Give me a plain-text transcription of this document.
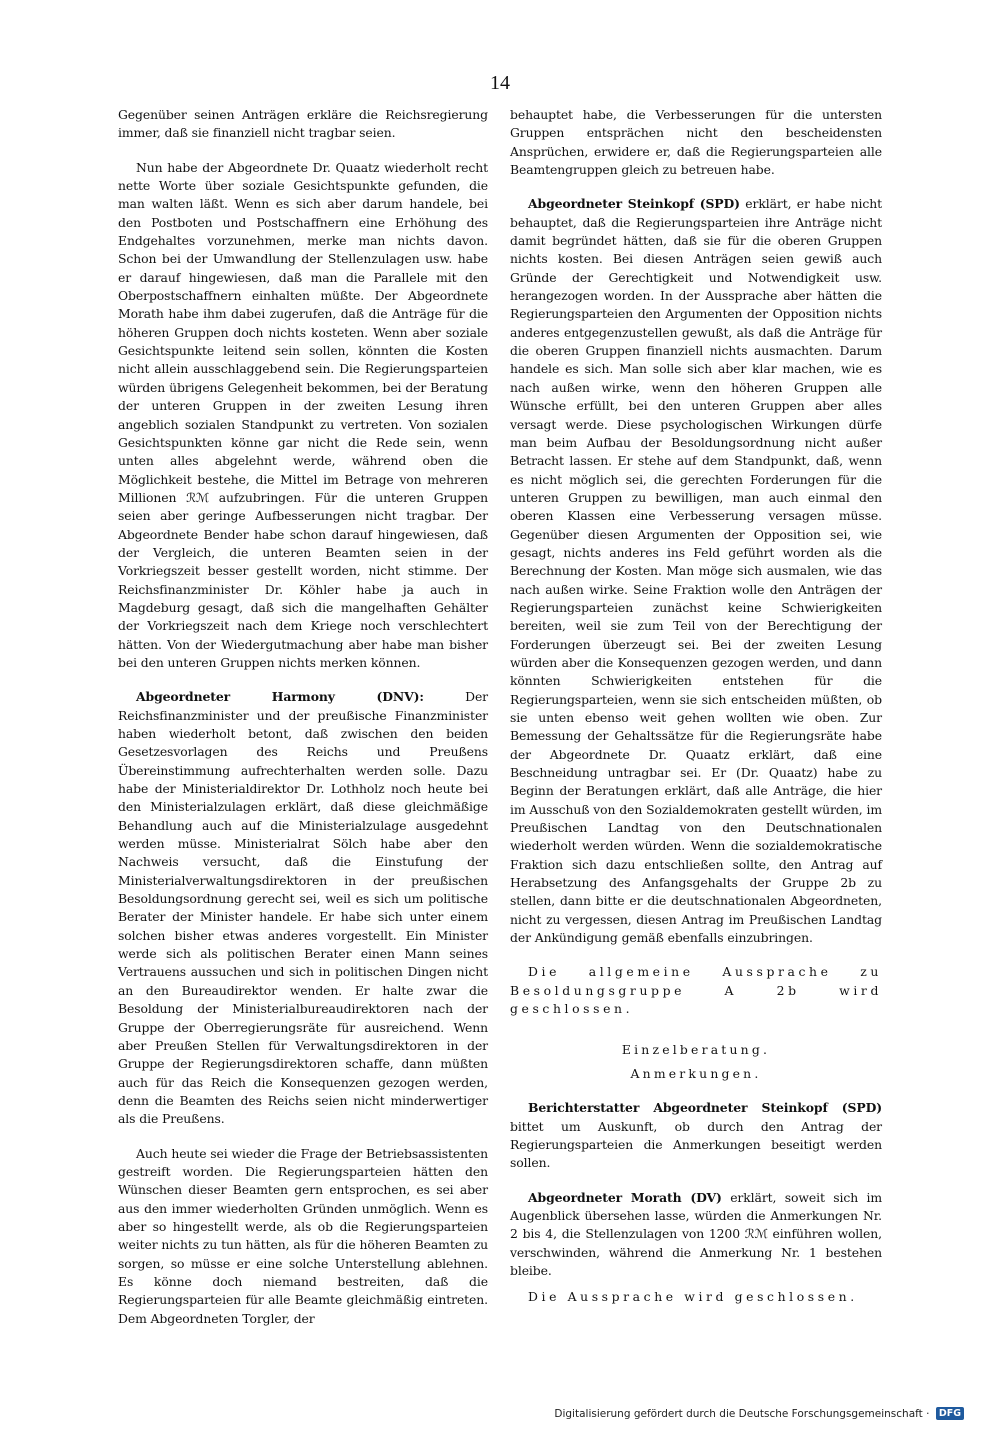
14

Gegenüber seinen Anträgen erkläre die Reichsregierung immer, daß sie finanziell nicht tragbar seien.

Nun habe der Abgeordnete Dr. Quaatz wiederholt recht nette Worte über soziale Gesichtspunkte gefunden, die man walten läßt. Wenn es sich aber darum handele, bei den Postboten und Postschaffnern eine Erhöhung des Endgehaltes vorzunehmen, merke man nichts davon. Schon bei der Umwandlung der Stellenzulagen usw. habe er darauf hingewiesen, daß man die Parallele mit den Oberpostschaffnern einhalten müßte. Der Abgeordnete Morath habe ihm dabei zugerufen, daß die Anträge für die höheren Gruppen doch nichts kosteten. Wenn aber soziale Gesichtspunkte leitend sein sollen, könnten die Kosten nicht allein ausschlaggebend sein. Die Regierungsparteien würden übrigens Gelegenheit bekommen, bei der Beratung der unteren Gruppen in der zweiten Lesung ihren angeblich sozialen Standpunkt zu vertreten. Von sozialen Gesichtspunkten könne gar nicht die Rede sein, wenn unten alles abgelehnt werde, während oben die Möglichkeit bestehe, die Mittel im Betrage von mehreren Millionen ℛℳ aufzubringen. Für die unteren Gruppen seien aber geringe Aufbesserungen nicht tragbar. Der Abgeordnete Bender habe schon darauf hingewiesen, daß der Vergleich, die unteren Beamten seien in der Vorkriegszeit besser gestellt worden, nicht stimme. Der Reichsfinanzminister Dr. Köhler habe ja auch in Magdeburg gesagt, daß sich die mangelhaften Gehälter der Vorkriegszeit nach dem Kriege noch verschlechtert hätten. Von der Wiedergutmachung aber habe man bisher bei den unteren Gruppen nichts merken können.

Abgeordneter Harmony (DNV):	Der Reichsfinanzminister und der preußische Finanzminister haben wiederholt betont, daß zwischen den beiden Gesetzesvorlagen des Reichs und Preußens Übereinstimmung aufrechterhalten werden solle. Dazu habe der Ministerialdirektor Dr. Lothholz noch heute bei den Ministerialzulagen erklärt, daß diese gleichmäßige Behandlung auch auf die Ministerialzulage ausgedehnt werden müsse. Ministerialrat Sölch habe aber den Nachweis versucht, daß die Einstufung der Ministerialverwaltungsdirektoren in der preußischen Besoldungsordnung gerecht sei, weil es sich um politische Berater der Minister handele. Er habe sich unter einem solchen bisher etwas anderes vorgestellt. Ein Minister werde sich als politischen Berater einen Mann seines Vertrauens aussuchen und sich in politischen Dingen nicht an den Bureaudirektor wenden. Er halte zwar die Besoldung der Ministerialbureaudirektoren nach der Gruppe der Oberregierungsräte für ausreichend. Wenn aber Preußen Stellen für Verwaltungsdirektoren in der Gruppe der Regierungsdirektoren schaffe, dann müßten auch für das Reich die Konsequenzen gezogen werden, denn die Beamten des Reichs seien nicht minderwertiger als die Preußens.

Auch heute sei wieder die Frage der Betriebsassistenten gestreift worden. Die Regierungsparteien hätten den Wünschen dieser Beamten gern entsprochen, es sei aber aus den immer wiederholten Gründen unmöglich. Wenn es aber so hingestellt werde, als ob die Regierungsparteien weiter nichts zu tun hätten, als für die höheren Beamten zu sorgen, so müsse er eine solche Unterstellung ablehnen. Es könne doch niemand bestreiten, daß die Regierungsparteien für alle Beamte gleichmäßig eintreten. Dem Abgeordneten Torgler, der

behauptet habe, die Verbesserungen für die untersten Gruppen entsprächen nicht den bescheidensten Ansprüchen, erwidere er, daß die Regierungsparteien alle Beamtengruppen gleich zu betreuen habe.

Abgeordneter Steinkopf (SPD) erklärt, er habe nicht behauptet, daß die Regierungsparteien ihre Anträge nicht damit begründet hätten, daß sie für die oberen Gruppen nichts kosten. Bei diesen Anträgen seien gewiß auch Gründe der Gerechtigkeit und Notwendigkeit usw. herangezogen worden. In der Aussprache aber hätten die Regierungsparteien den Argumenten der Opposition nichts anderes entgegenzustellen gewußt, als daß die Anträge für die oberen Gruppen finanziell nichts ausmachten. Darum handele es sich. Man solle sich aber klar machen, wie es nach außen wirke, wenn den höheren Gruppen alle Wünsche erfüllt, bei den unteren Gruppen aber alles versagt werde. Diese psychologischen Wirkungen dürfe man beim Aufbau der Besoldungsordnung nicht außer Betracht lassen. Er stehe auf dem Standpunkt, daß, wenn es nicht möglich sei, die gerechten Forderungen für die unteren Gruppen zu bewilligen, man auch einmal den oberen Klassen eine Verbesserung versagen müsse. Gegenüber diesen Argumenten der Opposition sei, wie gesagt, nichts anderes ins Feld geführt worden als die Berechnung der Kosten. Man möge sich ausmalen, wie das nach außen wirke. Seine Fraktion wolle den Anträgen der Regierungsparteien zunächst keine Schwierigkeiten bereiten, weil sie zum Teil von der Berechtigung der Forderungen überzeugt sei. Bei der zweiten Lesung würden aber die Konsequenzen gezogen werden, und dann könnten Schwierigkeiten entstehen für die Regierungsparteien, wenn sie sich entscheiden müßten, ob sie unten ebenso weit gehen wollten wie oben. Zur Bemessung der Gehaltssätze für die Regierungsräte habe der Abgeordnete Dr. Quaatz erklärt, daß eine Beschneidung untragbar sei. Er (Dr. Quaatz) habe zu Beginn der Beratungen erklärt, daß alle Anträge, die hier im Ausschuß von den Sozialdemokraten gestellt würden, im Preußischen Landtag von den Deutschnationalen wiederholt werden würden. Wenn die sozialdemokratische Fraktion sich dazu entschließen sollte, den Antrag auf Herabsetzung des Anfangsgehalts der Gruppe 2b zu stellen, dann bitte er die deutschnationalen Abgeordneten, nicht zu vergessen, diesen Antrag im Preußischen Landtag der Ankündigung gemäß ebenfalls einzubringen.

Die allgemeine Aussprache zu Besoldungsgruppe A 2b wird geschlossen.

Einzelberatung.

Anmerkungen.

Berichterstatter Abgeordneter Steinkopf (SPD) bittet um Auskunft, ob durch den Antrag der Regierungsparteien die Anmerkungen beseitigt werden sollen.

Abgeordneter Morath (DV) erklärt, soweit sich im Augenblick übersehen lasse, würden die Anmerkungen Nr. 2 bis 4, die Stellenzulagen von 1200 ℛℳ einführen wollen, verschwinden, während die Anmerkung Nr. 1 bestehen bleibe.

Die Aussprache wird geschlossen.

Digitalisierung gefördert durch die Deutsche Forschungsgemeinschaft · DFG
